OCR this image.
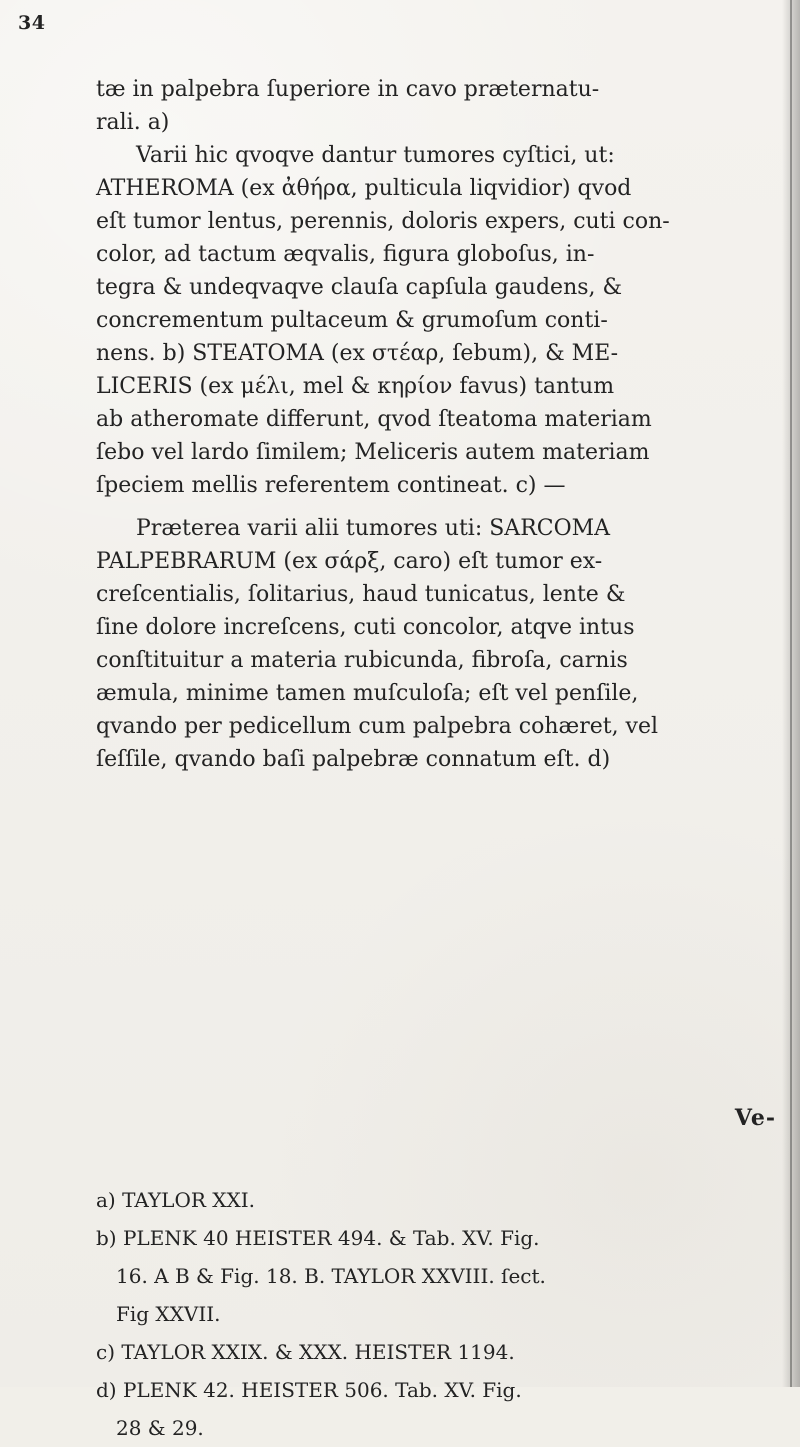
34
tæ in palpebra ſuperiore in cavo præternatu-
rali. a)
Varii hic qvoqve dantur tumores cyſtici, ut:
ATHEROMA (ex ἀθήρα, pulticula liqvidior) qvod
eſt tumor lentus, perennis, doloris expers, cuti con-
color, ad tactum æqvalis, figura globoſus, in-
tegra & undeqvaqve clauſa capſula gaudens, &
concrementum pultaceum & grumoſum conti-
nens. b) STEATOMA (ex στέαρ, ſebum), & ME-
LICERIS (ex μέλι, mel & κηρίον favus) tantum
ab atheromate differunt, qvod ſteatoma materiam
ſebo vel lardo ſimilem; Meliceris autem materiam
ſpeciem mellis referentem contineat. c) —
Præterea varii alii tumores uti: SARCOMA
PALPEBRARUM (ex σάρξ, caro) eſt tumor ex-
creſcentialis, ſolitarius, haud tunicatus, lente &
ſine dolore increſcens, cuti concolor, atqve intus
conſtituitur a materia rubicunda, fibroſa, carnis
æmula, minime tamen muſculoſa; eſt vel penſile,
qvando per pedicellum cum palpebra cohæret, vel
ſeſſile, qvando baſi palpebræ connatum eſt. d)
Ve-
a) TAYLOR XXI.
b) PLENK 40 HEISTER 494. & Tab. XV. Fig.
16. A B & Fig. 18. B. TAYLOR XXVIII. ſect.
Fig XXVII.
c) TAYLOR XXIX. & XXX. HEISTER 1194.
d) PLENK 42. HEISTER 506. Tab. XV. Fig.
28 & 29.
